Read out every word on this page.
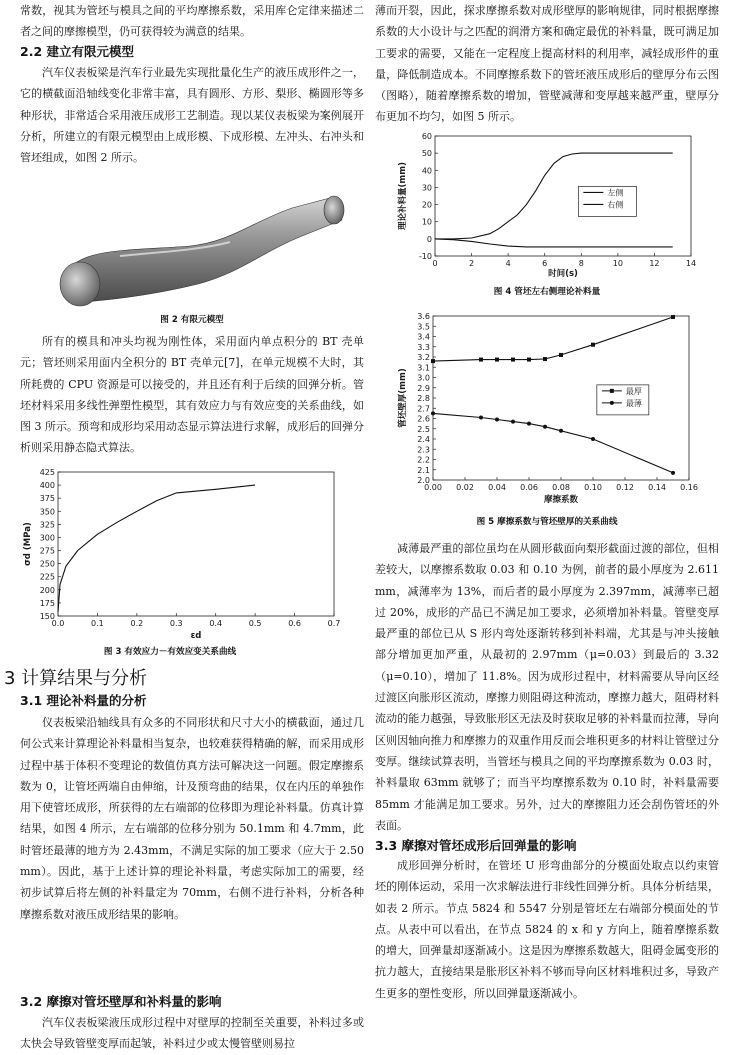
常数，视其为管坯与模具之间的平均摩擦系数，采用库仑定律来描述二者之间的摩擦模型，仍可获得较为满意的结果。

2.2 建立有限元模型

汽车仪表板梁是汽车行业最先实现批量化生产的液压成形件之一，它的横截面沿轴线变化非常丰富，具有圆形、方形、梨形、椭圆形等多种形状，非常适合采用液压成形工艺制造。现以某仪表板梁为案例展开分析，所建立的有限元模型由上成形模、下成形模、左冲头、右冲头和管坯组成，如图 2 所示。

图 2 有限元模型

所有的模具和冲头均视为刚性体，采用面内单点积分的 BT 壳单元；管坯则采用面内全积分的 BT 壳单元[7]，在单元规模不大时，其所耗费的 CPU 资源是可以接受的，并且还有利于后续的回弹分析。管坯材料采用多线性弹塑性模型，其有效应力与有效应变的关系曲线，如图 3 所示。预弯和成形均采用动态显示算法进行求解，成形后的回弹分析则采用静态隐式算法。

0.0	0.1	0.2	0.3	0.4	0.5	0.6	0.7
150
175
200
225
250
275
300
325
350
375
400
425
εd
σd (MPa)

图 3 有效应力－有效应变关系曲线

3 计算结果与分析
3.1 理论补料量的分析

仪表板梁沿轴线具有众多的不同形状和尺寸大小的横截面，通过几何公式来计算理论补料量相当复杂，也较难获得精确的解，而采用成形过程中基于体积不变理论的数值仿真方法可解决这一问题。假定摩擦系数为 0，让管坯两端自由伸缩，计及预弯曲的结果，仅在内压的单独作用下使管坯成形，所获得的左右端部的位移即为理论补料量。仿真计算结果，如图 4 所示，左右端部的位移分别为 50.1mm 和 4.7mm，此时管坯最薄的地方为 2.43mm，不满足实际的加工要求（应大于 2.50mm）。因此，基于上述计算的理论补料量，考虑实际加工的需要，经初步试算后将左侧的补料量定为 70mm，右侧不进行补料，分析各种摩擦系数对液压成形结果的影响。

3.2 摩擦对管坯壁厚和补料量的影响

汽车仪表板梁液压成形过程中对壁厚的控制至关重要，补料过多或太快会导致管壁变厚而起皱，补料过少或太慢管壁则易拉

薄而开裂，因此，探求摩擦系数对成形壁厚的影响规律，同时根据摩擦系数的大小设计与之匹配的润滑方案和确定最优的补料量，既可满足加工要求的需要，又能在一定程度上提高材料的利用率，减轻成形件的重量，降低制造成本。不同摩擦系数下的管坯液压成形后的壁厚分布云图（图略），随着摩擦系数的增加，管壁减薄和变厚越来越严重，壁厚分布更加不均匀，如图 5 所示。

0	2	4	6	8	10	12	14
-10
0
10
20
30
40
50
60
时间(s)
理论补料量(mm)	左侧
右侧

图 4 管坯左右侧理论补料量

0.00 0.02 0.04 0.06 0.08 0.10 0.12 0.14 0.16
2.0
2.1
2.2
2.3
2.4
2.5
2.6
2.7
2.8
2.9
3.0
3.1
3.2
3.3
3.4
3.5
3.6
摩擦系数
管坯壁厚(mm)	最厚
最薄

图 5 摩擦系数与管坯壁厚的关系曲线

减薄最严重的部位虽均在从圆形截面向梨形截面过渡的部位，但相差较大，以摩擦系数取 0.03 和 0.10 为例，前者的最小厚度为 2.611mm，减薄率为 13%，而后者的最小厚度为 2.397mm，减薄率已超过 20%，成形的产品已不满足加工要求，必须增加补料量。管壁变厚最严重的部位已从 S 形内弯处逐渐转移到补料端，尤其是与冲头接触部分增加更加严重，从最初的 2.97mm（μ=0.03）到最后的 3.32（μ=0.10），增加了 11.8%。因为成形过程中，材料需要从导向区经过渡区向胀形区流动，摩擦力则阻碍这种流动，摩擦力越大，阻碍材料流动的能力越强，导致胀形区无法及时获取足够的补料量而拉薄，导向区则因轴向推力和摩擦力的双重作用反而会堆积更多的材料让管壁过分变厚。继续试算表明，当管坯与模具之间的平均摩擦系数为 0.03 时，补料量取 63mm 就够了；而当平均摩擦系数为 0.10 时，补料量需要 85mm 才能满足加工要求。另外，过大的摩擦阻力还会刮伤管坯的外表面。

3.3 摩擦对管坯成形后回弹量的影响

成形回弹分析时，在管坯 U 形弯曲部分的分模面处取点以约束管坯的刚体运动，采用一次求解法进行非线性回弹分析。具体分析结果，如表 2 所示。节点 5824 和 5547 分别是管坯左右端部分模面处的节点。从表中可以看出，在节点 5824 的 x 和 y 方向上，随着摩擦系数的增大，回弹量却逐渐减小。这是因为摩擦系数越大，阻碍金属变形的抗力越大，直接结果是胀形区补料不够而导向区材料堆积过多，导致产生更多的塑性变形，所以回弹量逐渐减小。
